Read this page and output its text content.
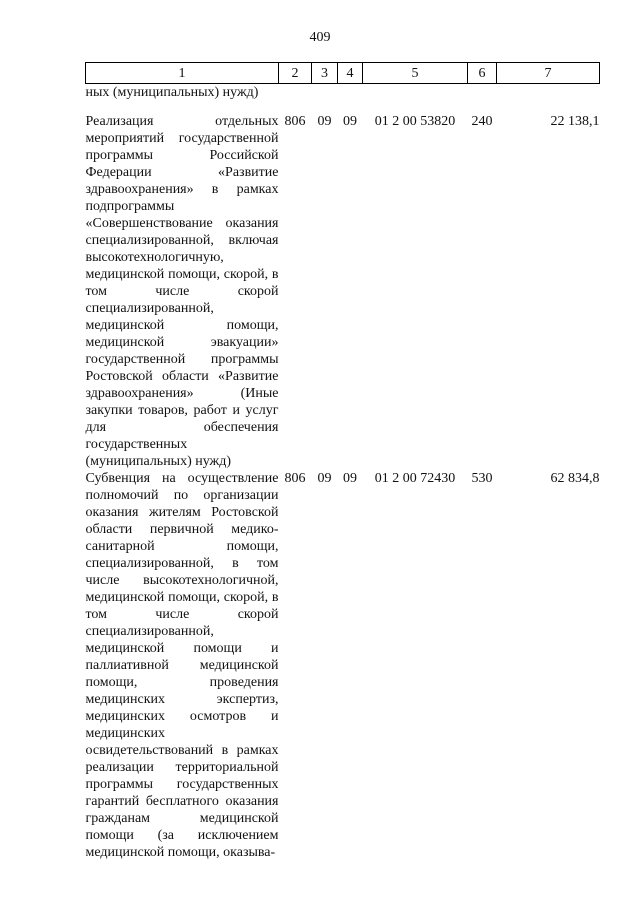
409
1	2	3	4	5	6	7
ных (муниципальных) нужд)						
Реализация отдельных мероприятий государственной программы Российской Федерации «Развитие здравоохранения» в рамках подпрограммы «Совершенствование оказания специализированной, включая высокотехнологичную, медицинской помощи, скорой, в том числе скорой специализированной, медицинской помощи, медицинской эвакуации» государственной программы Ростовской области «Развитие здравоохранения» (Иные закупки товаров, работ и услуг для обеспечения государственных (муниципальных) нужд)	806	09	09	01 2 00 53820	240	22 138,1
Субвенция на осуществление полномочий по организации оказания жителям Ростовской области первичной медико-санитарной помощи, специализированной, в том числе высокотехнологичной, медицинской помощи, скорой, в том числе скорой специализированной, медицинской помощи и паллиативной медицинской помощи, проведения медицинских экспертиз, медицинских осмотров и медицинских освидетельствований в рамках реализации территориальной программы государственных гарантий бесплатного оказания гражданам медицинской помощи (за исключением медицинской помощи, оказыва-	806	09	09	01 2 00 72430	530	62 834,8
